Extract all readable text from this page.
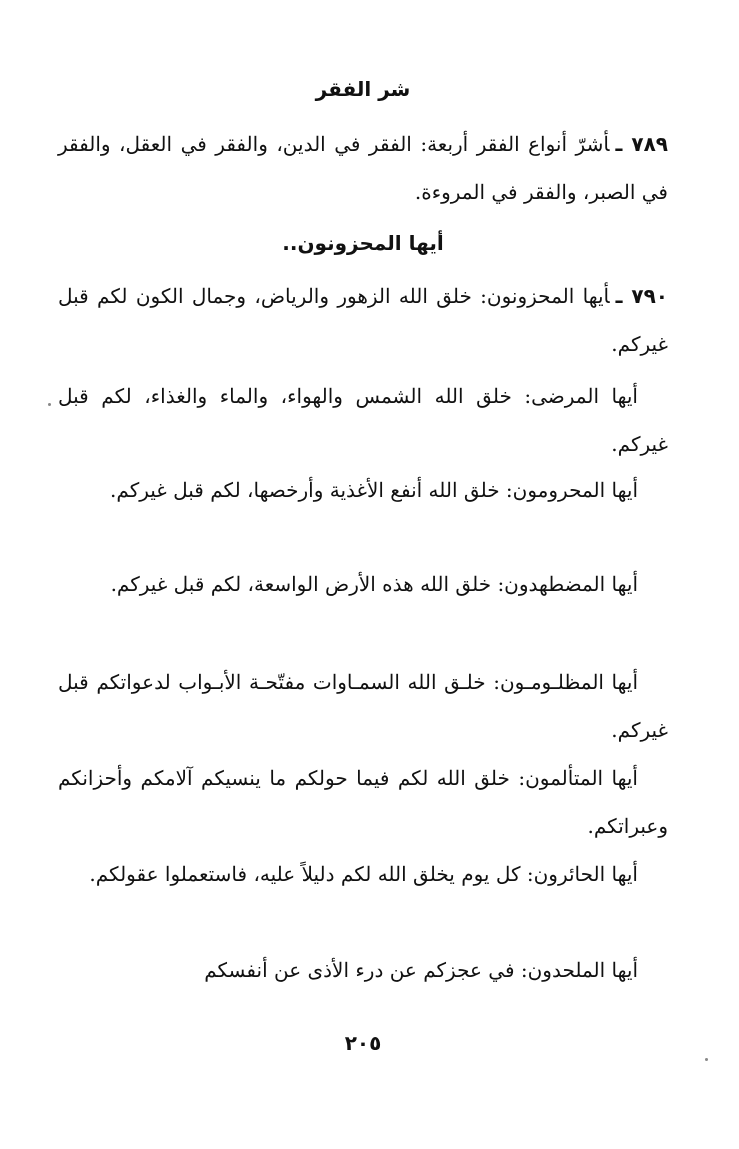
شر الفقر
٧٨٩ ـأشرّ أنواع الفقر أربعة: الفقر في الدين، والفقر في العقل، والفقر في الصبر، والفقر في المروءة.
أيها المحزونون..
٧٩٠ ـأيها المحزونون: خلق الله الزهور والرياض، وجمال الكون لكم قبل غيركم.
أيها المرضى: خلق الله الشمس والهواء، والماء والغذاء، لكم قبل غيركم.
أيها المحرومون: خلق الله أنفع الأغذية وأرخصها، لكم قبل غيركم.
أيها المضطهدون: خلق الله هذه الأرض الواسعة، لكم قبل غيركم.
أيها المظلـومـون: خلـق الله السمـاوات مفتّحـة الأبـواب لدعواتكم قبل غيركم.
أيها المتألمون: خلق الله لكم فيما حولكم ما ينسيكم آلامكم وأحزانكم وعبراتكم.
أيها الحائرون: كل يوم يخلق الله لكم دليلاً عليه، فاستعملوا عقولكم.
أيها الملحدون: في عجزكم عن درء الأذى عن أنفسكم
٢٠٥
